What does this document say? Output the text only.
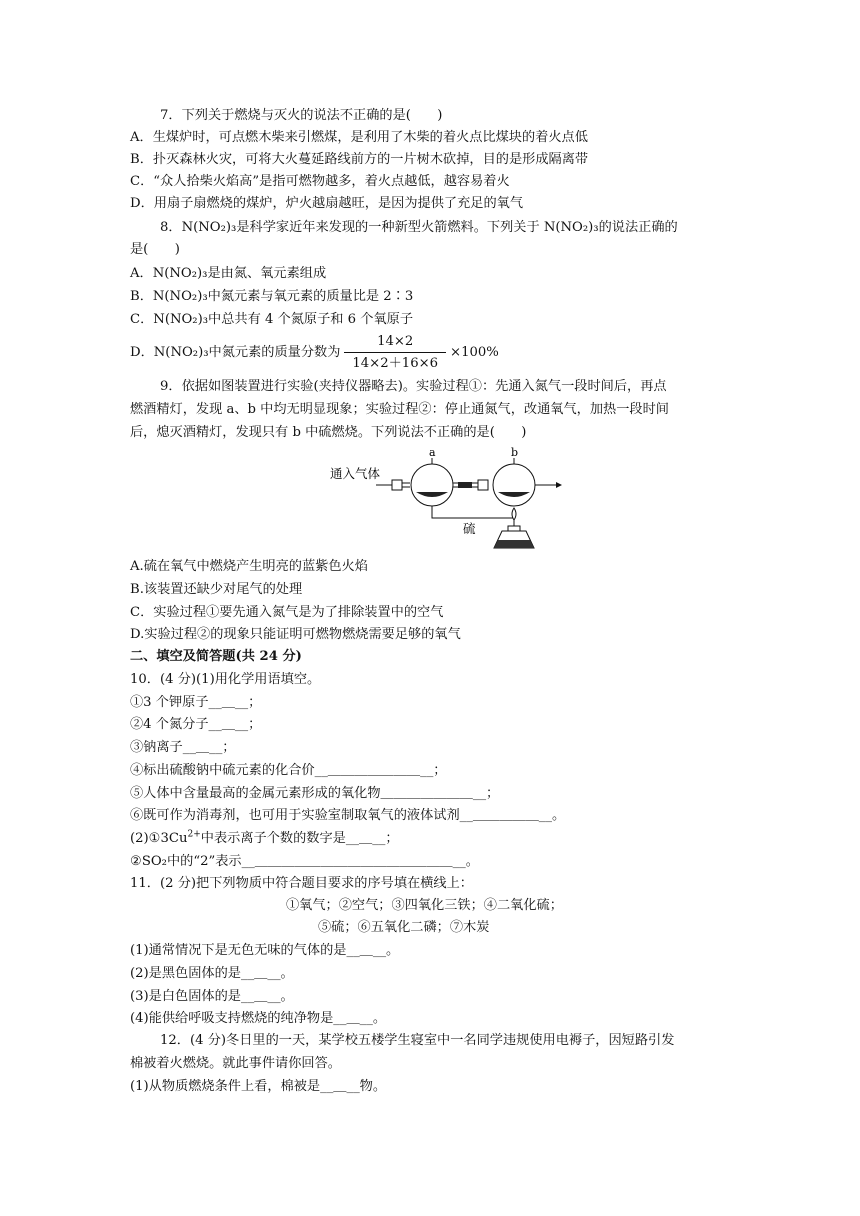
7．下列关于燃烧与灭火的说法不正确的是(　　)
A．生煤炉时，可点燃木柴来引燃煤，是利用了木柴的着火点比煤块的着火点低
B．扑灭森林火灾，可将大火蔓延路线前方的一片树木砍掉，目的是形成隔离带
C．“众人拾柴火焰高”是指可燃物越多，着火点越低，越容易着火
D．用扇子扇燃烧的煤炉，炉火越扇越旺，是因为提供了充足的氧气
8．N(NO₂)₃是科学家近年来发现的一种新型火箭燃料。下列关于 N(NO₂)₃的说法正确的
是(　　)
A．N(NO₂)₃是由氮、氧元素组成
B．N(NO₂)₃中氮元素与氧元素的质量比是 2∶3
C．N(NO₂)₃中总共有 4 个氮原子和 6 个氧原子
D．N(NO₂)₃中氮元素的质量分数为 $\frac{14\times 2}{14\times 2+16\times 6} \times 100\%$
9．依据如图装置进行实验(夹持仪器略去)。实验过程①：先通入氮气一段时间后，再点
燃酒精灯，发现 a、b 中均无明显现象；实验过程②：停止通氮气，改通氧气，加热一段时间
后，熄灭酒精灯，发现只有 b 中硫燃烧。下列说法不正确的是(　　)
通入气体
a	b
硫
A.硫在氧气中燃烧产生明亮的蓝紫色火焰
B.该装置还缺少对尾气的处理
C．实验过程①要先通入氮气是为了排除装置中的空气
D.实验过程②的现象只能证明可燃物燃烧需要足够的氧气
二、填空及简答题(共 24 分)
10．(4 分)(1)用化学用语填空。
①3 个钾原子__＿__；
②4 个氮分子__＿__；
③钠离子__＿__；
④标出硫酸钠中硫元素的化合价__＿＿＿＿＿＿＿__；
⑤人体中含量最高的金属元素形成的氧化物＿＿＿＿＿＿＿__；
⑥既可作为消毒剂，也可用于实验室制取氧气的液体试剂__＿＿＿＿＿__。
$(2)①3Cu^{2+}$中表示离子个数的数字是__＿__；
②SO₂中的“2”表示__＿＿＿＿＿＿＿＿＿＿＿＿＿＿＿__。
11．(2 分)把下列物质中符合题目要求的序号填在横线上：
①氧气；②空气；③四氧化三铁；④二氧化硫；
⑤硫；⑥五氧化二磷；⑦木炭
(1)通常情况下是无色无味的气体的是__＿__。
(2)是黑色固体的是__＿__。
(3)是白色固体的是__＿__。
(4)能供给呼吸支持燃烧的纯净物是__＿__。
12．(4 分)冬日里的一天，某学校五楼学生寝室中一名同学违规使用电褥子，因短路引发
棉被着火燃烧。就此事件请你回答。
(1)从物质燃烧条件上看，棉被是__＿__物。
